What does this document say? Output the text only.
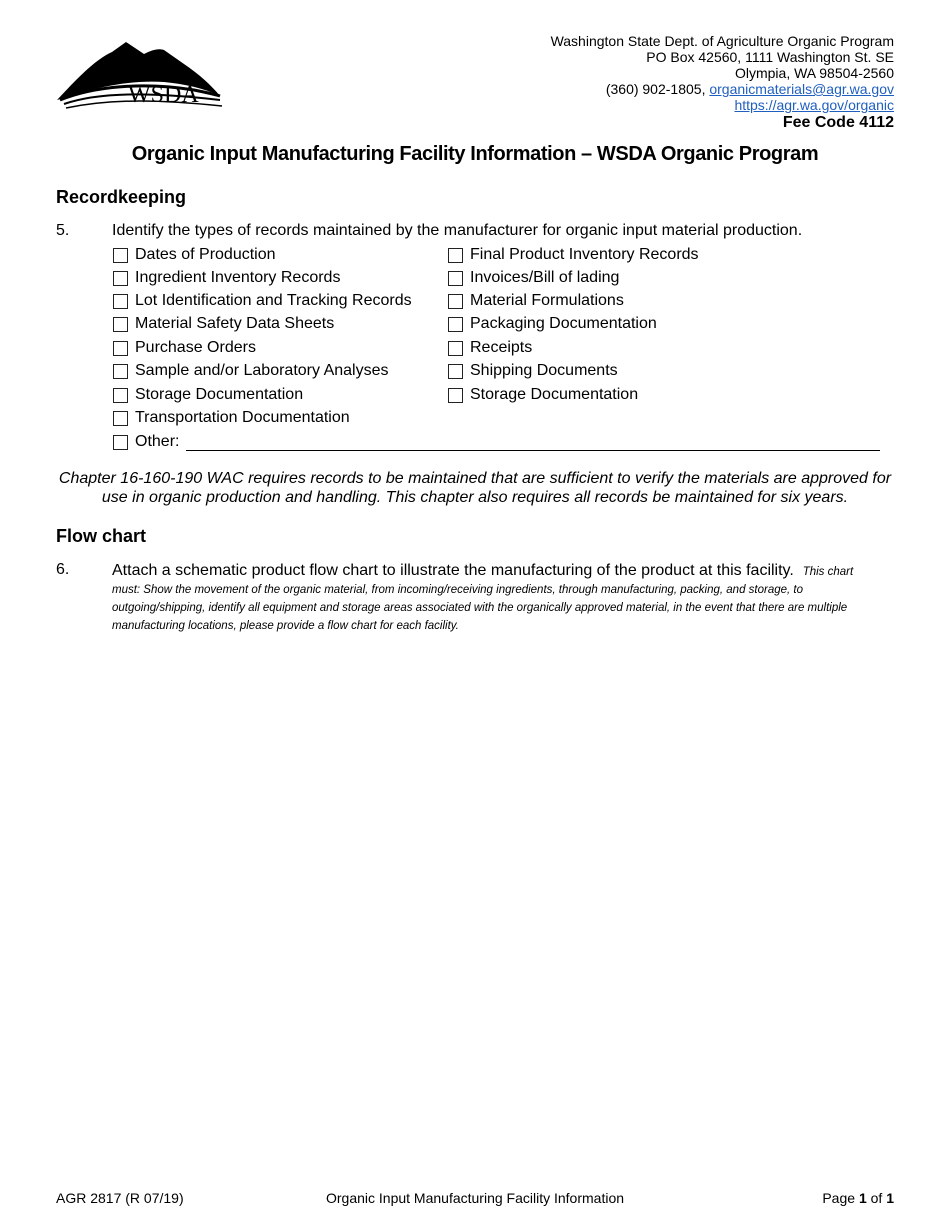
WSDA
Washington State Dept. of Agriculture Organic Program
PO Box 42560, 1111 Washington St. SE
Olympia, WA 98504-2560
(360) 902-1805, organicmaterials@agr.wa.gov
https://agr.wa.gov/organic
Fee Code 4112
Organic Input Manufacturing Facility Information – WSDA Organic Program
Recordkeeping
5.	Identify the types of records maintained by the manufacturer for organic input material production.
Dates of Production
Ingredient Inventory Records
Lot Identification and Tracking Records
Material Safety Data Sheets
Purchase Orders
Sample and/or Laboratory Analyses
Storage Documentation
Transportation Documentation
Other:
Final Product Inventory Records
Invoices/Bill of lading
Material Formulations
Packaging Documentation
Receipts
Shipping Documents
Storage Documentation
Chapter 16-160-190 WAC requires records to be maintained that are sufficient to verify the materials are approved for use in organic production and handling. This chapter also requires all records be maintained for six years.
Flow chart
6.	Attach a schematic product flow chart to illustrate the manufacturing of the product at this facility. This chart must: Show the movement of the organic material, from incoming/receiving ingredients, through manufacturing, packing, and storage, to outgoing/shipping, identify all equipment and storage areas associated with the organically approved material, in the event that there are multiple manufacturing locations, please provide a flow chart for each facility.
AGR 2817 (R 07/19)	Organic Input Manufacturing Facility Information	Page 1 of 1
